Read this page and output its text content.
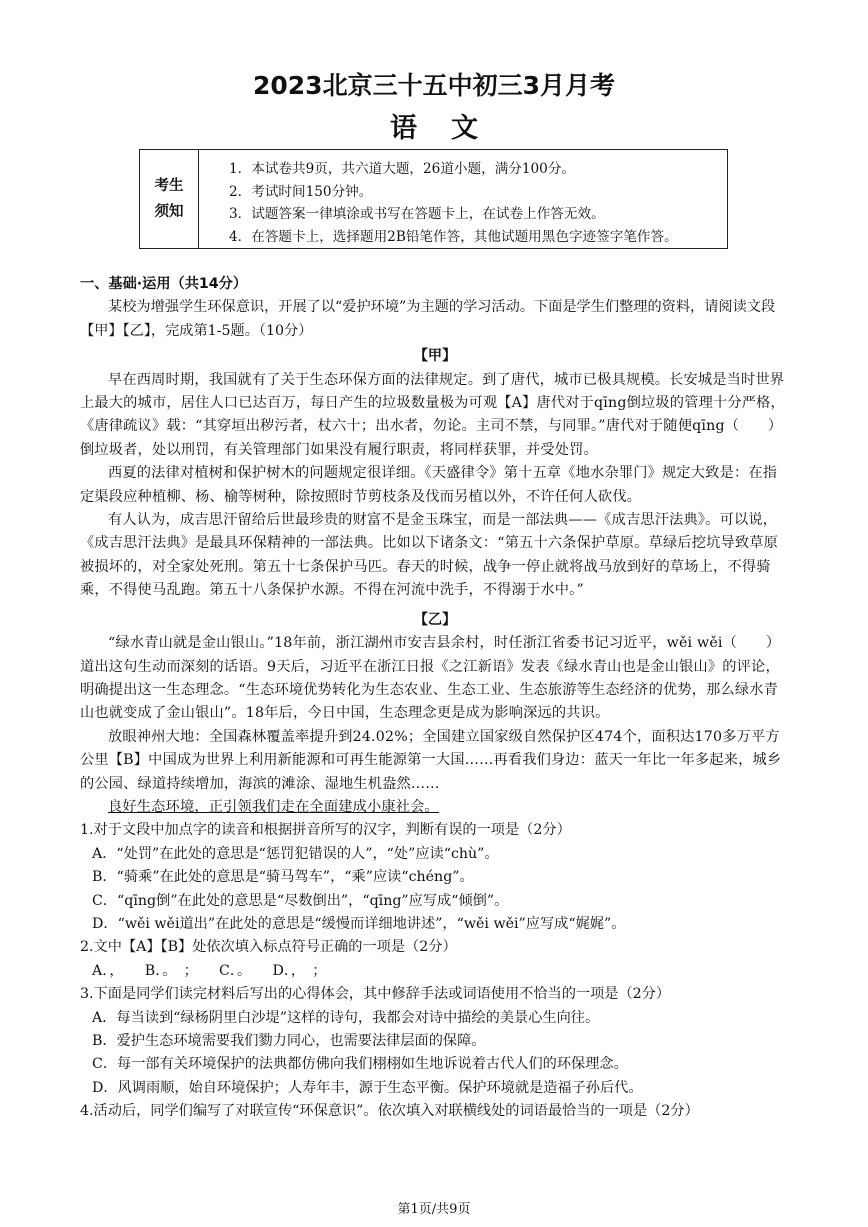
2023北京三十五中初三3月月考
语文
考生
须知
1．本试卷共9页，共六道大题，26道小题，满分100分。
2．考试时间150分钟。
3．试题答案一律填涂或书写在答题卡上，在试卷上作答无效。
4．在答题卡上，选择题用2B铅笔作答，其他试题用黑色字迹签字笔作答。

一、基础·运用（共14分）

某校为增强学生环保意识，开展了以“爱护环境”为主题的学习活动。下面是学生们整理的资料，请阅读文段【甲】【乙】，完成第1-5题。（10分）

【甲】

早在西周时期，我国就有了关于生态环保方面的法律规定。到了唐代，城市已极具规模。长安城是当时世界上最大的城市，居住人口已达百万，每日产生的垃圾数量极为可观【A】唐代对于qīng倒垃圾的管理十分严格，《唐律疏议》载：“其穿垣出秽污者，杖六十；出水者，勿论。主司不禁，与同罪。”唐代对于随便qīng（　　）倒垃圾者，处以刑罚，有关管理部门如果没有履行职责，将同样获罪，并受处罚。

西夏的法律对植树和保护树木的问题规定很详细。《天盛律令》第十五章《地水杂罪门》规定大致是：在指定渠段应种植柳、杨、榆等树种，除按照时节剪枝条及伐而另植以外，不许任何人砍伐。

有人认为，成吉思汗留给后世最珍贵的财富不是金玉珠宝，而是一部法典——《成吉思汗法典》。可以说，《成吉思汗法典》是最具环保精神的一部法典。比如以下诸条文：“第五十六条保护草原。草绿后挖坑导致草原被损坏的，对全家处死刑。第五十七条保护马匹。春天的时候，战争一停止就将战马放到好的草场上，不得骑乘，不得使马乱跑。第五十八条保护水源。不得在河流中洗手，不得溺于水中。”

【乙】

“绿水青山就是金山银山。”18年前，浙江湖州市安吉县余村，时任浙江省委书记习近平，wěi wěi（　　）道出这句生动而深刻的话语。9天后，习近平在浙江日报《之江新语》发表《绿水青山也是金山银山》的评论，明确提出这一生态理念。“生态环境优势转化为生态农业、生态工业、生态旅游等生态经济的优势，那么绿水青山也就变成了金山银山”。18年后，今日中国，生态理念更是成为影响深远的共识。

放眼神州大地：全国森林覆盖率提升到24.02%；全国建立国家级自然保护区474个，面积达170多万平方公里【B】中国成为世界上利用新能源和可再生能源第一大国……再看我们身边：蓝天一年比一年多起来，城乡的公园、绿道持续增加，海滨的滩涂、湿地生机盎然……

良好生态环境，正引领我们走在全面建成小康社会。

1.对于文段中加点字的读音和根据拼音所写的汉字，判断有误的一项是（2分）

A．“处罚”在此处的意思是“惩罚犯错误的人”，“处”应读“chù”。

B．“骑乘”在此处的意思是“骑马驾车”，“乘”应读“chéng”。

C．“qīng倒”在此处的意思是“尽数倒出”，“qīng”应写成“倾倒”。

D．“wěi wěi道出”在此处的意思是“缓慢而详细地讲述”，“wěi wěi”应写成“娓娓”。

2.文中【A】【B】处依次填入标点符号正确的一项是（2分）

A．，　　B．。　；　　C．。　　D．，　；

3.下面是同学们读完材料后写出的心得体会，其中修辞手法或词语使用不恰当的一项是（2分）

A．每当读到“绿杨阴里白沙堤”这样的诗句，我都会对诗中描绘的美景心生向往。

B．爱护生态环境需要我们勠力同心，也需要法律层面的保障。

C．每一部有关环境保护的法典都仿佛向我们栩栩如生地诉说着古代人们的环保理念。

D．风调雨顺，始自环境保护；人寿年丰，源于生态平衡。保护环境就是造福子孙后代。

4.活动后，同学们编写了对联宣传“环保意识”。依次填入对联横线处的词语最恰当的一项是（2分）

第1页/共9页
